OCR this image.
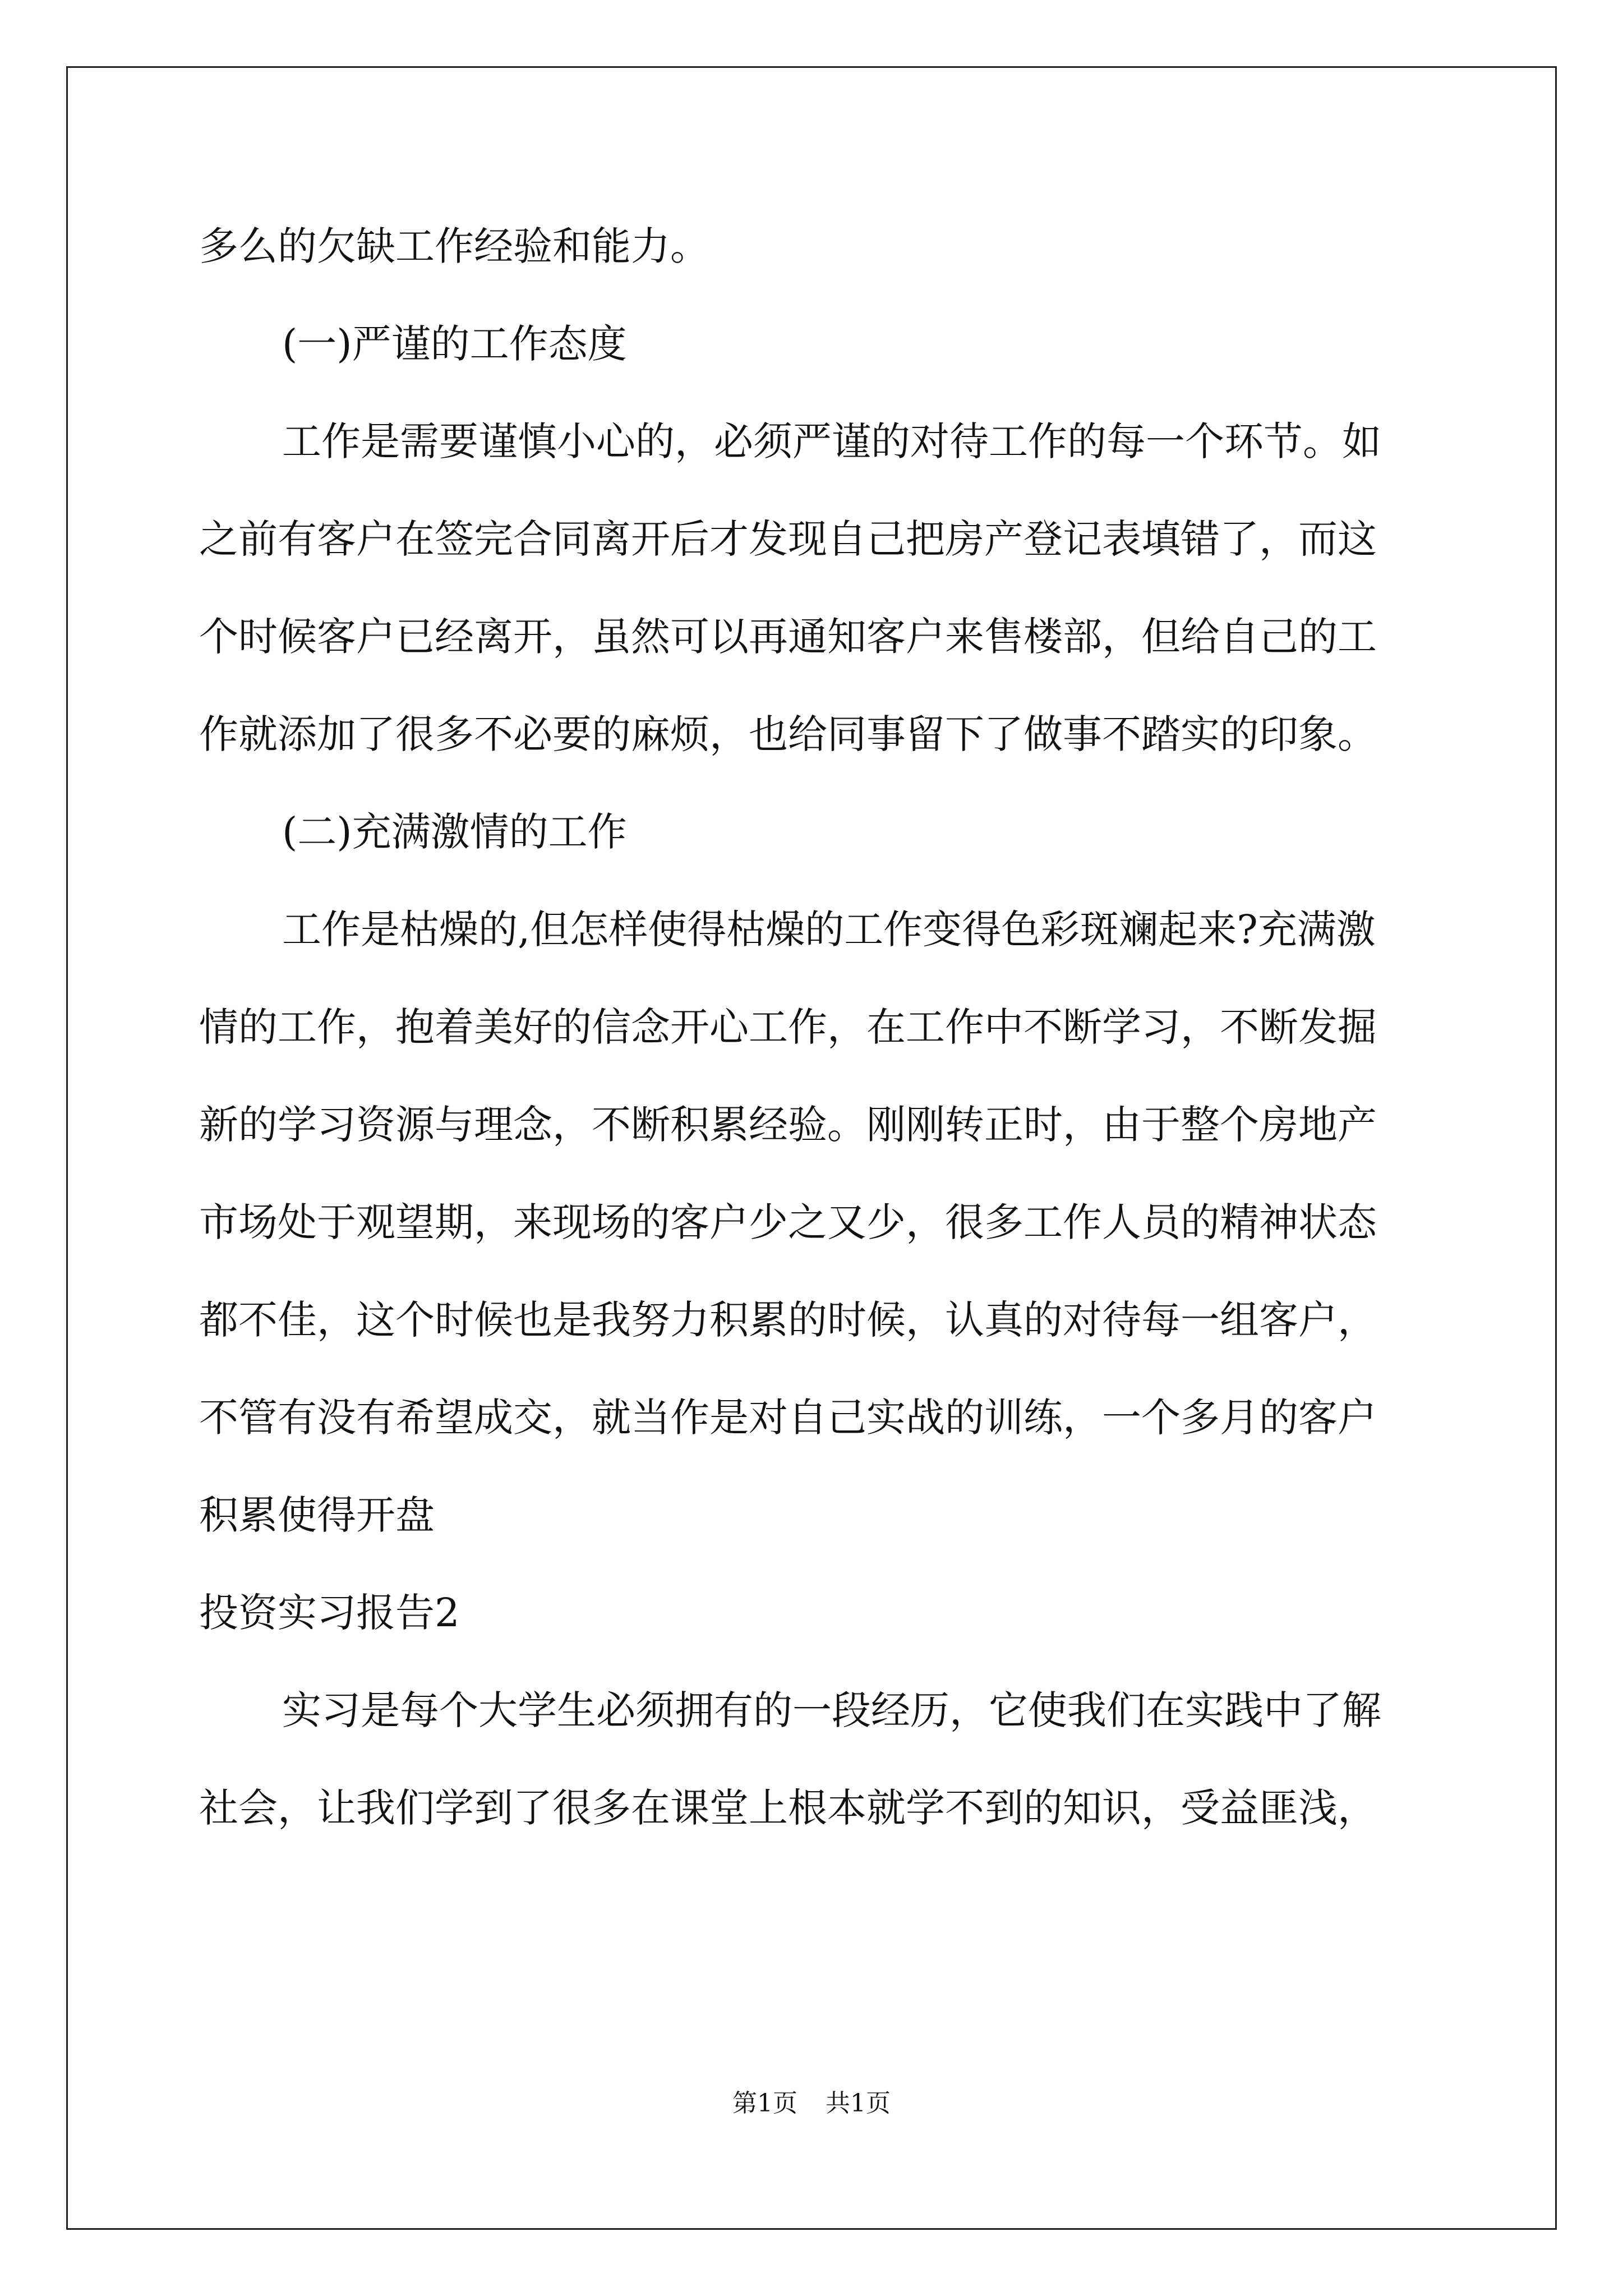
多么的欠缺工作经验和能力。

(一)严谨的工作态度

工作是需要谨慎小心的，必须严谨的对待工作的每一个环节。如

之前有客户在签完合同离开后才发现自己把房产登记表填错了，而这

个时候客户已经离开，虽然可以再通知客户来售楼部，但给自己的工

作就添加了很多不必要的麻烦，也给同事留下了做事不踏实的印象。

(二)充满激情的工作

工作是枯燥的,但怎样使得枯燥的工作变得色彩斑斓起来?充满激

情的工作，抱着美好的信念开心工作，在工作中不断学习，不断发掘

新的学习资源与理念，不断积累经验。刚刚转正时，由于整个房地产

市场处于观望期，来现场的客户少之又少，很多工作人员的精神状态

都不佳，这个时候也是我努力积累的时候，认真的对待每一组客户，

不管有没有希望成交，就当作是对自己实战的训练，一个多月的客户

积累使得开盘

投资实习报告2

实习是每个大学生必须拥有的一段经历，它使我们在实践中了解

社会，让我们学到了很多在课堂上根本就学不到的知识，受益匪浅，

第1页 共1页
